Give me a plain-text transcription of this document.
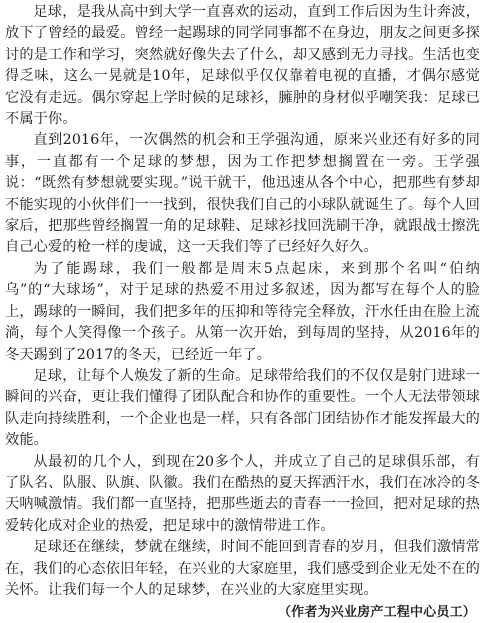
足球，是我从高中到大学一直喜欢的运动，直到工作后因为生计奔波，放下了曾经的最爱。曾经一起踢球的同学同事都不在身边，朋友之间更多探讨的是工作和学习，突然就好像失去了什么，却又感到无力寻找。生活也变得乏味，这么一晃就是10年，足球似乎仅仅靠着电视的直播，才偶尔感觉它没有走远。偶尔穿起上学时候的足球衫，臃肿的身材似乎嘲笑我：足球已不属于你。

直到2016年，一次偶然的机会和王学强沟通，原来兴业还有好多的同事，一直都有一个足球的梦想，因为工作把梦想搁置在一旁。王学强说：“既然有梦想就要实现。”说干就干，他迅速从各个中心，把那些有梦却不能实现的小伙伴们一一找到，很快我们自己的小球队就诞生了。每个人回家后，把那些曾经搁置一角的足球鞋、足球衫找回洗刷干净，就跟战士擦洗自己心爱的枪一样的虔诚，这一天我们等了已经好久好久。

为了能踢球，我们一般都是周末5点起床，来到那个名叫“伯纳乌”的“大球场”，对于足球的热爱不用过多叙述，因为都写在每个人的脸上，踢球的一瞬间，我们把多年的压抑和等待完全释放，汗水任由在脸上流淌，每个人笑得像一个孩子。从第一次开始，到每周的坚持，从2016年的冬天踢到了2017的冬天，已经近一年了。

足球，让每个人焕发了新的生命。足球带给我们的不仅仅是射门进球一瞬间的兴奋，更让我们懂得了团队配合和协作的重要性。一个人无法带领球队走向持续胜利，一个企业也是一样，只有各部门团结协作才能发挥最大的效能。

从最初的几个人，到现在20多个人，并成立了自己的足球俱乐部，有了队名、队服、队旗、队徽。我们在酷热的夏天挥洒汗水，我们在冰冷的冬天呐喊激情。我们都一直坚持，把那些逝去的青春一一捡回，把对足球的热爱转化成对企业的热爱，把足球中的激情带进工作。

足球还在继续，梦就在继续，时间不能回到青春的岁月，但我们激情常在，我们的心态依旧年轻，在兴业的大家庭里，我们感受到企业无处不在的关怀。让我们每一个人的足球梦，在兴业的大家庭里实现。

（作者为兴业房产工程中心员工）
